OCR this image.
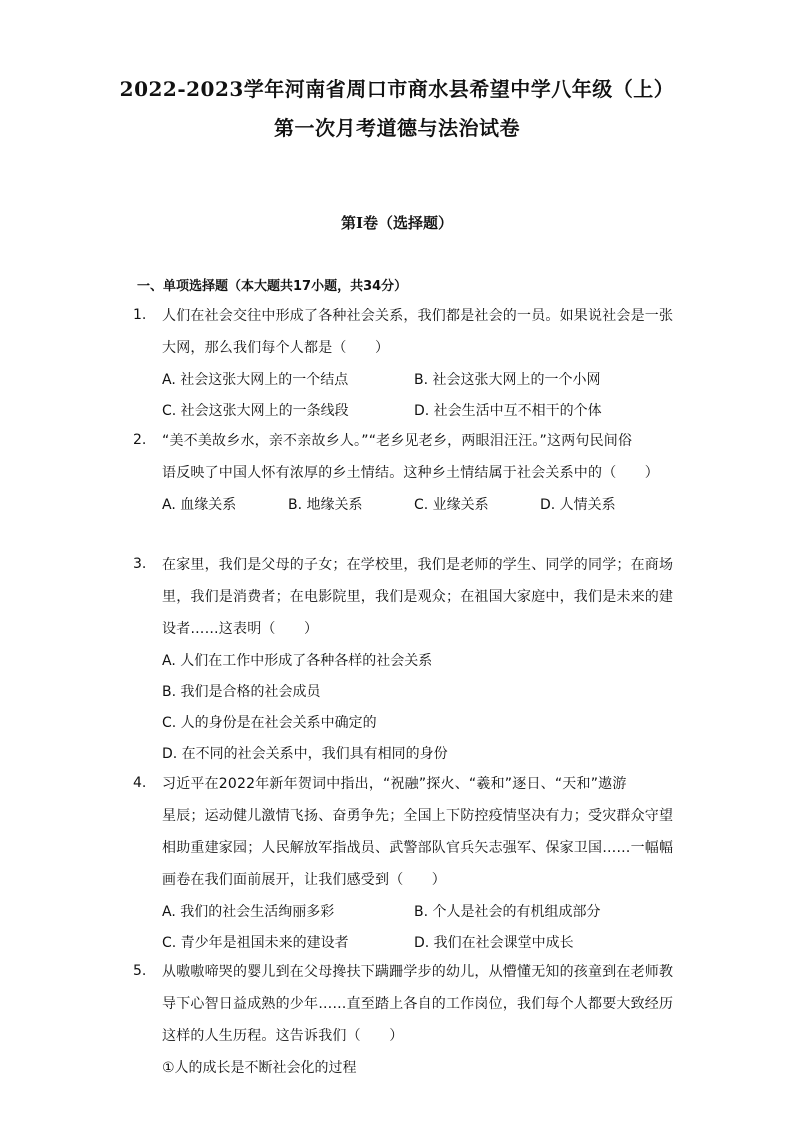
2022-2023学年河南省周口市商水县希望中学八年级（上）
第一次月考道德与法治试卷
第I卷（选择题）
一、单项选择题（本大题共17小题，共34分）
1. 人们在社会交往中形成了各种社会关系，我们都是社会的一员。如果说社会是一张
大网，那么我们每个人都是（　　）
A. 社会这张大网上的一个结点	B. 社会这张大网上的一个小网
C. 社会这张大网上的一条线段	D. 社会生活中互不相干的个体
2. “美不美故乡水，亲不亲故乡人。”“老乡见老乡，两眼泪汪汪。”这两句民间俗
语反映了中国人怀有浓厚的乡土情结。这种乡土情结属于社会关系中的（　　）
A. 血缘关系	B. 地缘关系	C. 业缘关系	D. 人情关系
3. 在家里，我们是父母的子女；在学校里，我们是老师的学生、同学的同学；在商场
里，我们是消费者；在电影院里，我们是观众；在祖国大家庭中，我们是未来的建
设者……这表明（　　）
A. 人们在工作中形成了各种各样的社会关系
B. 我们是合格的社会成员
C. 人的身份是在社会关系中确定的
D. 在不同的社会关系中，我们具有相同的身份
4. 习近平在2022年新年贺词中指出，“祝融”探火、“羲和”逐日、“天和”遨游
星辰；运动健儿激情飞扬、奋勇争先；全国上下防控疫情坚决有力；受灾群众守望
相助重建家园；人民解放军指战员、武警部队官兵矢志强军、保家卫国……一幅幅
画卷在我们面前展开，让我们感受到（　　）
A. 我们的社会生活绚丽多彩	B. 个人是社会的有机组成部分
C. 青少年是祖国未来的建设者	D. 我们在社会课堂中成长
5. 从嗷嗷啼哭的婴儿到在父母搀扶下蹒跚学步的幼儿，从懵懂无知的孩童到在老师教
导下心智日益成熟的少年……直至踏上各自的工作岗位，我们每个人都要大致经历
这样的人生历程。这告诉我们（　　）
①人的成长是不断社会化的过程
